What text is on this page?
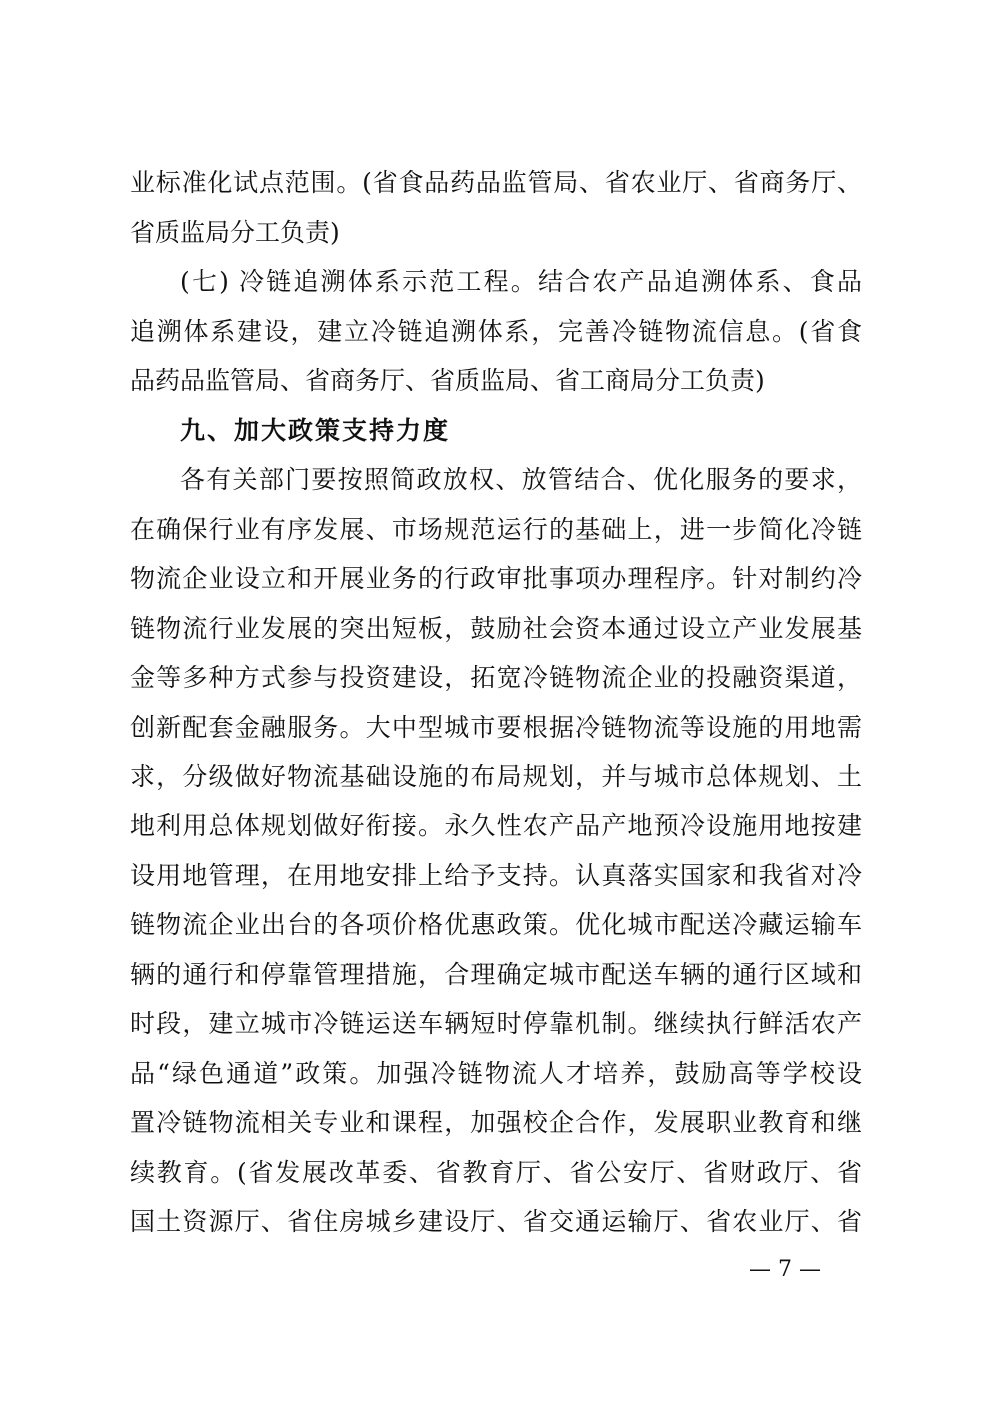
业标准化试点范围。(省食品药品监管局、省农业厅、省商务厅、
省质监局分工负责)
(七) 冷链追溯体系示范工程。结合农产品追溯体系、食品
追溯体系建设，建立冷链追溯体系，完善冷链物流信息。(省食
品药品监管局、省商务厅、省质监局、省工商局分工负责)
九、加大政策支持力度
各有关部门要按照简政放权、放管结合、优化服务的要求，
在确保行业有序发展、市场规范运行的基础上，进一步简化冷链
物流企业设立和开展业务的行政审批事项办理程序。针对制约冷
链物流行业发展的突出短板，鼓励社会资本通过设立产业发展基
金等多种方式参与投资建设，拓宽冷链物流企业的投融资渠道，
创新配套金融服务。大中型城市要根据冷链物流等设施的用地需
求，分级做好物流基础设施的布局规划，并与城市总体规划、土
地利用总体规划做好衔接。永久性农产品产地预冷设施用地按建
设用地管理，在用地安排上给予支持。认真落实国家和我省对冷
链物流企业出台的各项价格优惠政策。优化城市配送冷藏运输车
辆的通行和停靠管理措施，合理确定城市配送车辆的通行区域和
时段，建立城市冷链运送车辆短时停靠机制。继续执行鲜活农产
品“绿色通道”政策。加强冷链物流人才培养，鼓励高等学校设
置冷链物流相关专业和课程，加强校企合作，发展职业教育和继
续教育。(省发展改革委、省教育厅、省公安厅、省财政厅、省
国土资源厅、省住房城乡建设厅、省交通运输厅、省农业厅、省
— 7 —
